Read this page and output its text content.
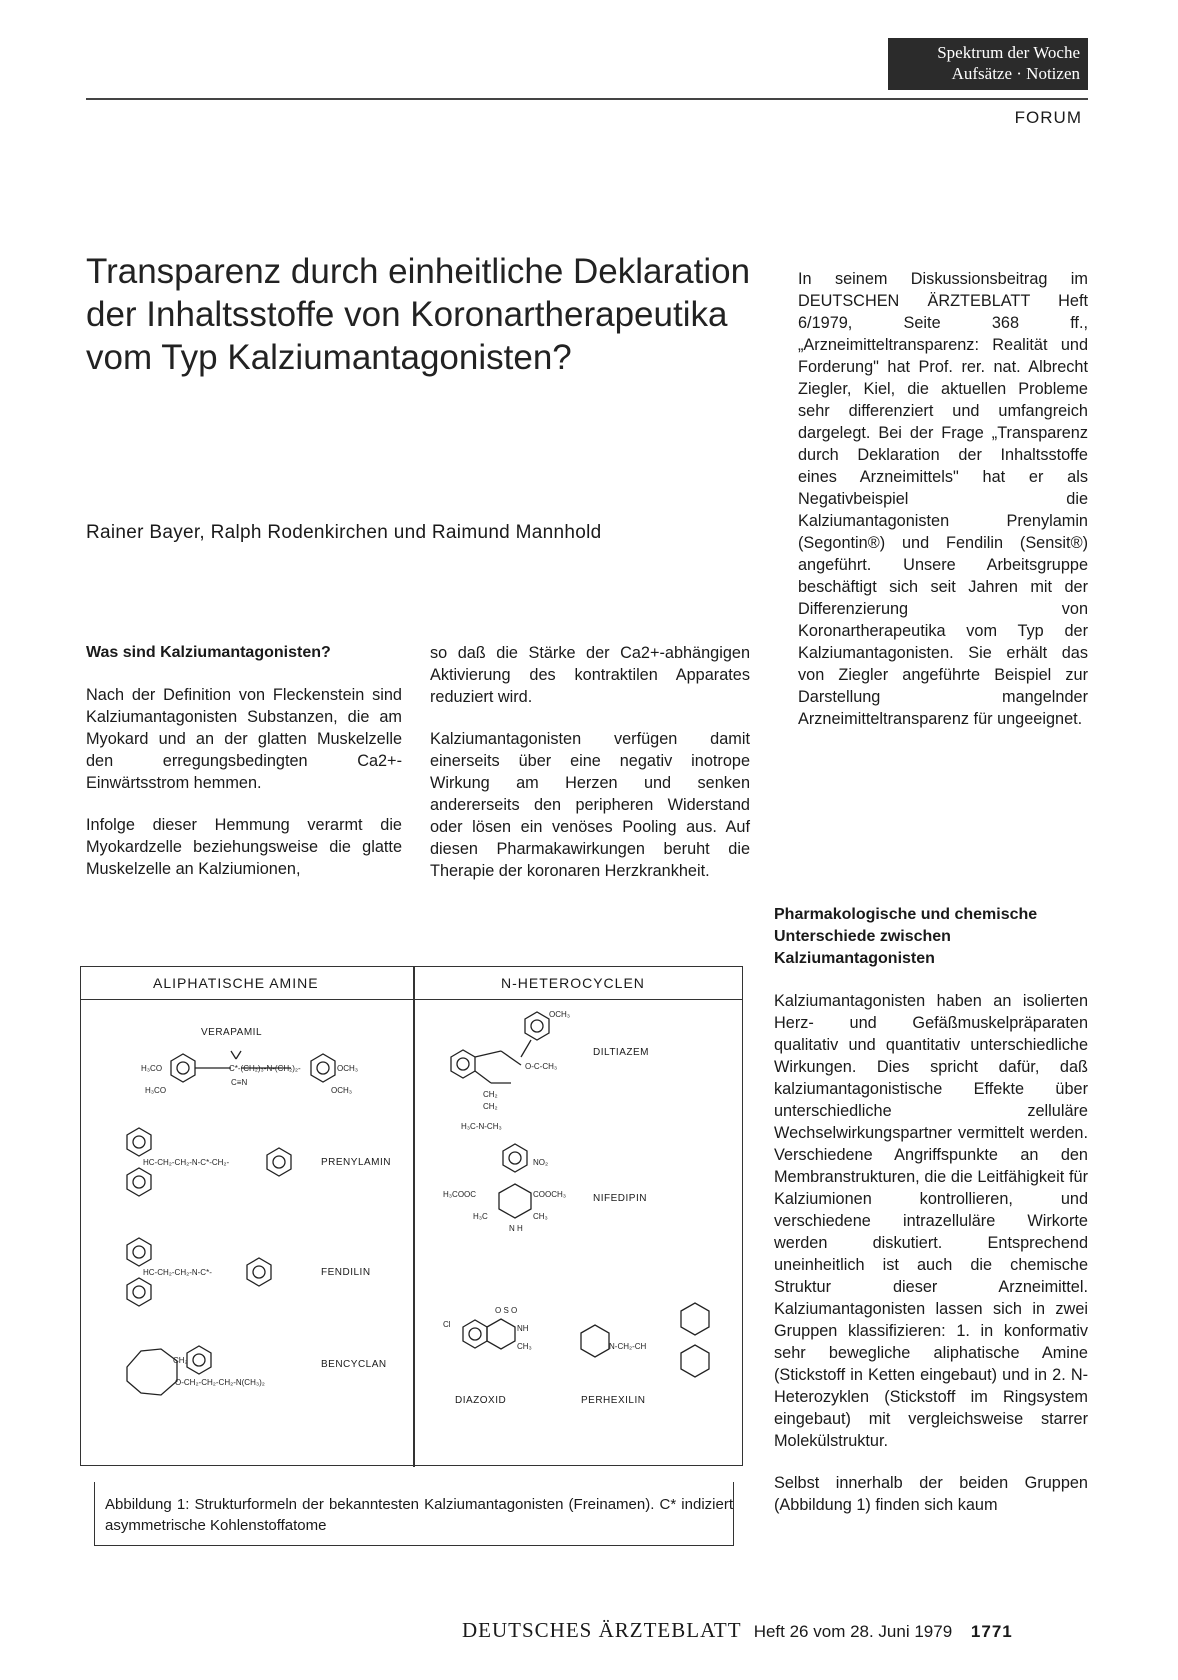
Spektrum der Woche
Aufsätze · Notizen
FORUM
Transparenz durch einheitliche Deklaration der Inhaltsstoffe von Koronartherapeutika vom Typ Kalziumantagonisten?
Rainer Bayer, Ralph Rodenkirchen und Raimund Mannhold

Was sind Kalziumantagonisten?

Nach der Definition von Fleckenstein sind Kalziumantagonisten Substanzen, die am Myokard und an der glatten Muskelzelle den erregungsbedingten Ca2+-Einwärtsstrom hemmen.

Infolge dieser Hemmung verarmt die Myokardzelle beziehungsweise die glatte Muskelzelle an Kalziumionen,

so daß die Stärke der Ca2+-abhängigen Aktivierung des kontraktilen Apparates reduziert wird.

Kalziumantagonisten verfügen damit einerseits über eine negativ inotrope Wirkung am Herzen und senken andererseits den peripheren Widerstand oder lösen ein venöses Pooling aus. Auf diesen Pharmakawirkungen beruht die Therapie der koronaren Herzkrankheit.

In seinem Diskussionsbeitrag im DEUTSCHEN ÄRZTEBLATT Heft 6/1979, Seite 368 ff., „Arzneimitteltransparenz: Realität und Forderung" hat Prof. rer. nat. Albrecht Ziegler, Kiel, die aktuellen Probleme sehr differenziert und umfangreich dargelegt. Bei der Frage „Transparenz durch Deklaration der Inhaltsstoffe eines Arzneimittels" hat er als Negativbeispiel die Kalziumantagonisten Prenylamin (Segontin®) und Fendilin (Sensit®) angeführt. Unsere Arbeitsgruppe beschäftigt sich seit Jahren mit der Differenzierung von Koronartherapeutika vom Typ der Kalziumantagonisten. Sie erhält das von Ziegler angeführte Beispiel zur Darstellung mangelnder Arzneimitteltransparenz für ungeeignet.

Pharmakologische und chemische Unterschiede zwischen Kalziumantagonisten

Kalziumantagonisten haben an isolierten Herz- und Gefäßmuskelpräparaten qualitativ und quantitativ unterschiedliche Wirkungen. Dies spricht dafür, daß kalziumantagonistische Effekte über unterschiedliche zelluläre Wechselwirkungspartner vermittelt werden. Verschiedene Angriffspunkte an den Membranstrukturen, die die Leitfähigkeit für Kalziumionen kontrollieren, und verschiedene intrazelluläre Wirkorte werden diskutiert. Entsprechend uneinheitlich ist auch die chemische Struktur dieser Arzneimittel. Kalziumantagonisten lassen sich in zwei Gruppen klassifizieren: 1. in konformativ sehr bewegliche aliphatische Amine (Stickstoff in Ketten eingebaut) und in 2. N-Heterozyklen (Stickstoff im Ringsystem eingebaut) mit vergleichsweise starrer Molekülstruktur.

Selbst innerhalb der beiden Gruppen (Abbildung 1) finden sich kaum

ALIPHATISCHE AMINE	N-HETEROCYCLEN
VERAPAMIL
H₃CO
H₃CO
C*-(CH₂)₃-N-(CH₂)₂-
C≡N
OCH₃
OCH₃
HC-CH₂-CH₂-N-C*-CH₂-	PRENYLAMIN
HC-CH₂-CH₂-N-C*-	FENDILIN
CH₂
O-CH₂-CH₂-CH₂-N(CH₃)₂
BENCYCLAN
OCH₃
O-C-CH₃
CH₂
CH₂
H₃C-N-CH₃
DILTIAZEM
NO₂
H₃COOC	COOCH₃
H₃C	CH₃
N H
NIFEDIPIN
Cl
O S O
NH
CH₃
DIAZOXID
N-CH₂-CH
PERHEXILIN
Abbildung 1: Strukturformeln der bekanntesten Kalziumantagonisten (Freinamen). C* indiziert asymmetrische Kohlenstoffatome
DEUTSCHES ÄRZTEBLATT Heft 26 vom 28. Juni 1979 1771
